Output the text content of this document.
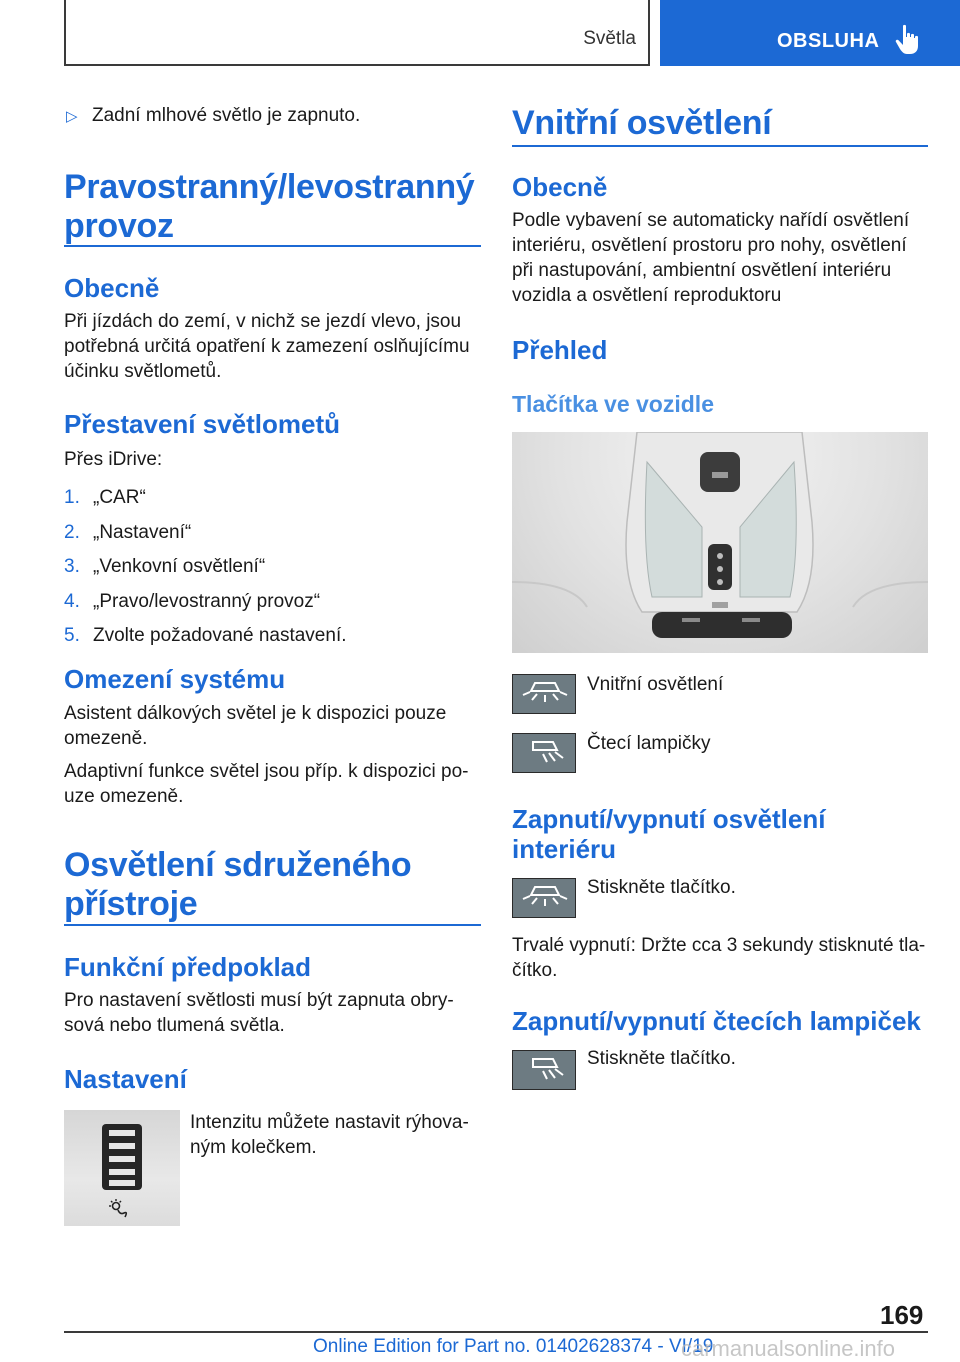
Světla	OBSLUHA
▷ Zadní mlhové světlo je zapnuto.
Pravostranný/levostranný
provoz
Obecně
Při jízdách do zemí, v nichž se jezdí vlevo, jsou
potřebná určitá opatření k zamezení oslňujícímu
účinku světlometů.
Přestavení světlometů
Přes iDrive:
1. „CAR“
2. „Nastavení“
3. „Venkovní osvětlení“
4. „Pravo/levostranný provoz“
5. Zvolte požadované nastavení.
Omezení systému
Asistent dálkových světel je k dispozici pouze
omezeně.
Adaptivní funkce světel jsou příp. k dispozici po-
uze omezeně.
Osvětlení sdruženého
přístroje
Funkční předpoklad
Pro nastavení světlosti musí být zapnuta obry-
sová nebo tlumená světla.
Nastavení
Intenzitu můžete nastavit rýhova-
ným kolečkem.
Vnitřní osvětlení
Obecně
Podle vybavení se automaticky nařídí osvětlení
interiéru, osvětlení prostoru pro nohy, osvětlení
při nastupování, ambientní osvětlení interiéru
vozidla a osvětlení reproduktoru
Přehled
Tlačítka ve vozidle
Vnitřní osvětlení
Čtecí lampičky
Zapnutí/vypnutí osvětlení
interiéru
Stiskněte tlačítko.
Trvalé vypnutí: Držte cca 3 sekundy stisknuté tla-
čítko.
Zapnutí/vypnutí čtecích lampiček
Stiskněte tlačítko.
169
Online Edition for Part no. 01402628374 - VI/19
carmanualsonline.info
